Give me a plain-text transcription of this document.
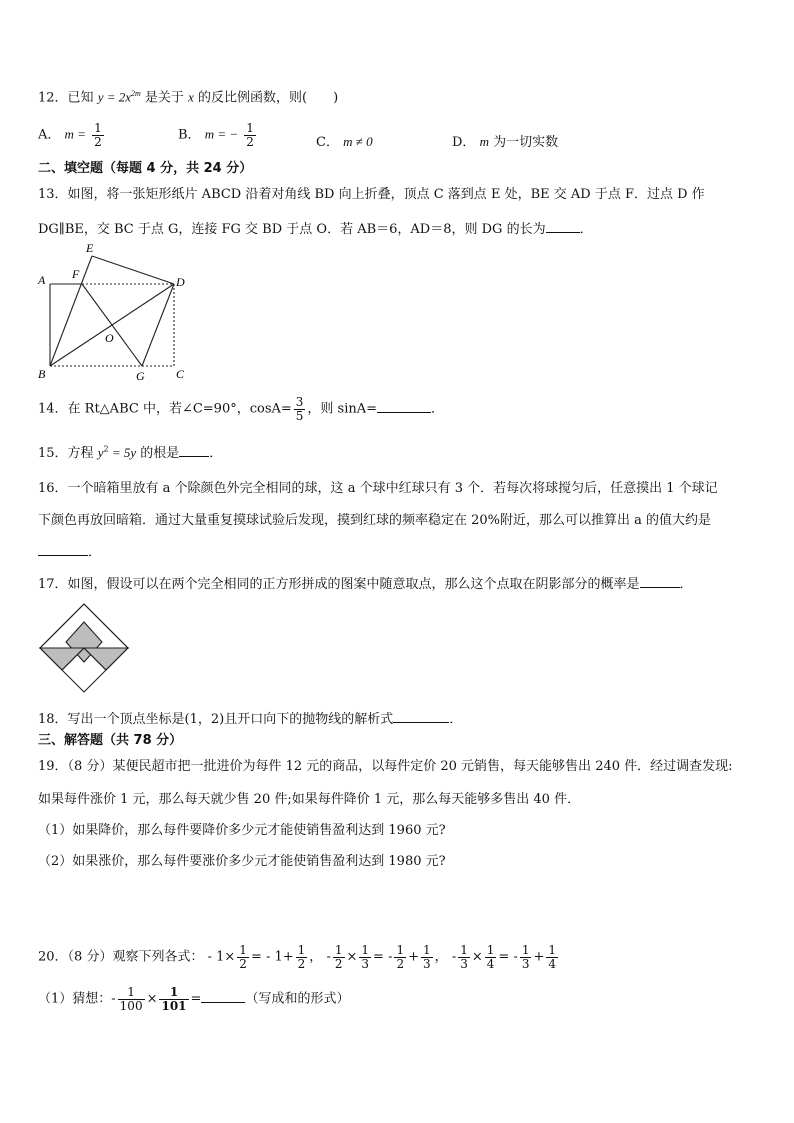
12．已知 $y = 2x^{2m}$ 是关于 x 的反比例函数，则(　　)
A． $m = \frac{1}{2}$	B． m = − $\frac{1}{2}$	C． m ≠ 0	D． m 为一切实数
二、填空题（每题 4 分，共 24 分）
13．如图，将一张矩形纸片 ABCD 沿着对角线 BD 向上折叠，顶点 C 落到点 E 处，BE 交 AD 于点 F．过点 D 作
DG∥BE，交 BC 于点 G，连接 FG 交 BD 于点 O．若 AB＝6，AD＝8，则 DG 的长为	．
A
B	C
D
E
F
G
O
14．在 Rt△ABC 中，若∠C=90°，$\cos A= \frac{3}{5}$ ，则 sinA=	．
15．方程 $y^2 = 5y$ 的根是 ．
16．一个暗箱里放有 a 个除颜色外完全相同的球，这 a 个球中红球只有 3 个．若每次将球搅匀后，任意摸出 1 个球记
下颜色再放回暗箱．通过大量重复摸球试验后发现，摸到红球的频率稳定在 20%附近，那么可以推算出 a 的值大约是
．
17．如图，假设可以在两个完全相同的正方形拼成的图案中随意取点，那么这个点取在阴影部分的概率是	．
18．写出一个顶点坐标是(1，2)且开口向下的抛物线的解析式	．
三、解答题（共 78 分）
19．（8 分）某便民超市把一批进价为每件 12 元的商品，以每件定价 20 元销售，每天能够售出 240 件．经过调查发现:
如果每件涨价 1 元，那么每天就少售 20 件;如果每件降价 1 元，那么每天能够多售出 40 件．
（1）如果降价，那么每件要降价多少元才能使销售盈利达到 1960 元?
（2）如果涨价，那么每件要涨价多少元才能使销售盈利达到 1980 元?
20．（8 分）观察下列各式： - $1\times \frac{1}{2}$ = - $1+ \frac{1}{2}$ ， - $\frac{1}{2} \times \frac{1}{3}$ = - $\frac{1}{2} + \frac{1}{3}$ ， - $\frac{1}{3} \times \frac{1}{4}$ = - $\frac{1}{3} + \frac{1}{4}$
（1）猜想：- $\frac{1}{100} \times \frac{1}{101}$ =	（写成和的形式）
